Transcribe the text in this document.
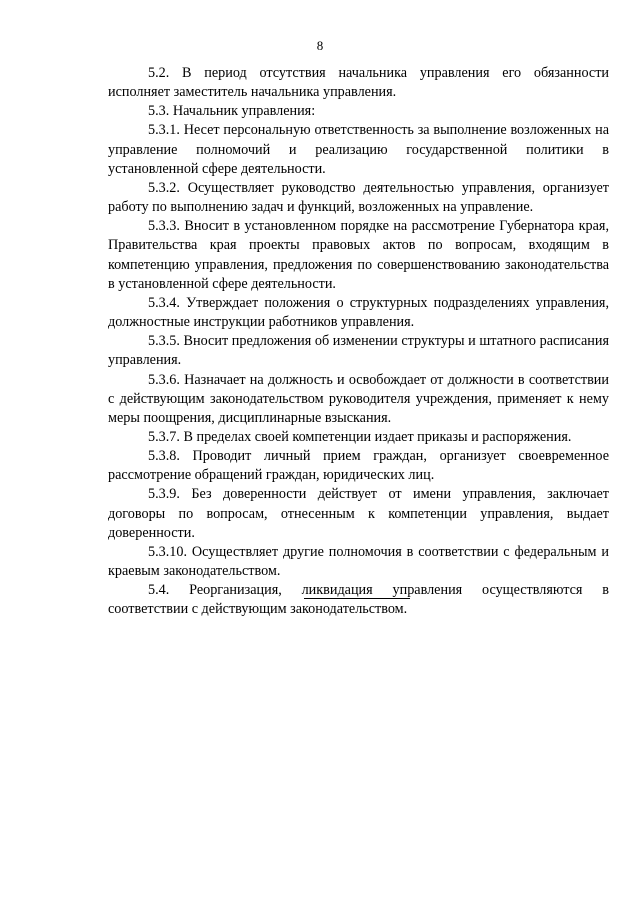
8

5.2. В период отсутствия начальника управления его обязанности исполняет заместитель начальника управления.

5.3. Начальник управления:

5.3.1. Несет персональную ответственность за выполнение возложенных на управление полномочий и реализацию государственной политики в установленной сфере деятельности.

5.3.2. Осуществляет руководство деятельностью управления, организует работу по выполнению задач и функций, возложенных на управление.

5.3.3. Вносит в установленном порядке на рассмотрение Губернатора края, Правительства края проекты правовых актов по вопросам, входящим в компетенцию управления, предложения по совершенствованию законодательства в установленной сфере деятельности.

5.3.4. Утверждает положения о структурных подразделениях управления, должностные инструкции работников управления.

5.3.5. Вносит предложения об изменении структуры и штатного расписания управления.

5.3.6. Назначает на должность и освобождает от должности в соответствии с действующим законодательством руководителя учреждения, применяет к нему меры поощрения, дисциплинарные взыскания.

5.3.7. В пределах своей компетенции издает приказы и распоряжения.

5.3.8. Проводит личный прием граждан, организует своевременное рассмотрение обращений граждан, юридических лиц.

5.3.9. Без доверенности действует от имени управления, заключает договоры по вопросам, отнесенным к компетенции управления, выдает доверенности.

5.3.10. Осуществляет другие полномочия в соответствии с федеральным и краевым законодательством.

5.4. Реорганизация, ликвидация управления осуществляются в соответствии с действующим законодательством.
